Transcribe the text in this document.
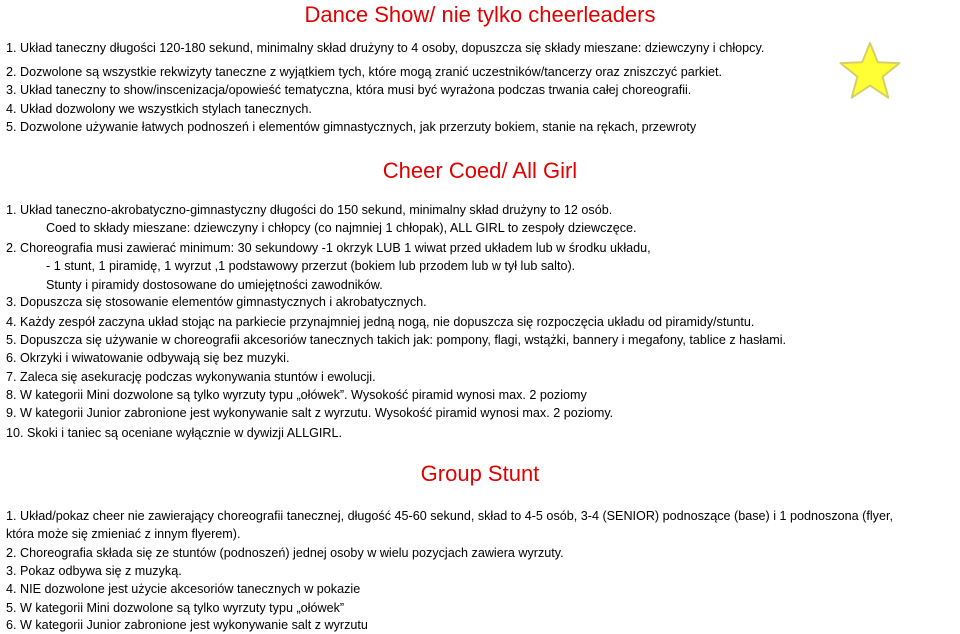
Dance Show/ nie tylko cheerleaders
1. Układ taneczny długości 120-180 sekund, minimalny skład drużyny to 4 osoby, dopuszcza się składy mieszane: dziewczyny i chłopcy.
2. Dozwolone są wszystkie rekwizyty taneczne z wyjątkiem tych, które mogą zranić uczestników/tancerzy oraz zniszczyć parkiet.
3. Układ taneczny to show/inscenizacja/opowieść tematyczna, która musi być wyrażona podczas trwania całej choreografii.
4. Układ dozwolony we wszystkich stylach tanecznych.
5. Dozwolone używanie łatwych podnoszeń i elementów gimnastycznych, jak przerzuty bokiem, stanie na rękach, przewroty
Cheer Coed/ All Girl
1. Układ taneczno-akrobatyczno-gimnastyczny długości do 150 sekund, minimalny skład drużyny to 12 osób.
Coed to składy mieszane: dziewczyny i chłopcy (co najmniej 1 chłopak), ALL GIRL to zespoły dziewczęce.
2. Choreografia musi zawierać minimum: 30 sekundowy -1 okrzyk LUB 1 wiwat przed układem lub w środku układu,
- 1 stunt, 1 piramidę, 1 wyrzut ,1 podstawowy przerzut (bokiem lub przodem lub w tył lub salto).
Stunty i piramidy dostosowane do umiejętności zawodników.
3. Dopuszcza się stosowanie elementów gimnastycznych i akrobatycznych.
4. Każdy zespół zaczyna układ stojąc na parkiecie przynajmniej jedną nogą, nie dopuszcza się rozpoczęcia układu od piramidy/stuntu.
5. Dopuszcza się używanie w choreografii akcesoriów tanecznych takich jak: pompony, flagi, wstążki, bannery i megafony, tablice z hasłami.
6. Okrzyki i wiwatowanie odbywają się bez muzyki.
7. Zaleca się asekurację podczas wykonywania stuntów i ewolucji.
8. W kategorii Mini dozwolone są tylko wyrzuty typu „ołówek”. Wysokość piramid wynosi max. 2 poziomy
9. W kategorii Junior zabronione jest wykonywanie salt z wyrzutu. Wysokość piramid wynosi max. 2 poziomy.
10. Skoki i taniec są oceniane wyłącznie w dywizji ALLGIRL.
Group Stunt
1. Układ/pokaz cheer nie zawierający choreografii tanecznej, długość 45-60 sekund, skład to 4-5 osób, 3-4 (SENIOR) podnoszące (base) i 1 podnoszona (flyer,
która może się zmieniać z innym flyerem).
2. Choreografia składa się ze stuntów (podnoszeń) jednej osoby w wielu pozycjach zawiera wyrzuty.
3. Pokaz odbywa się z muzyką.
4. NIE dozwolone jest użycie akcesoriów tanecznych w pokazie
5. W kategorii Mini dozwolone są tylko wyrzuty typu „ołówek”
6. W kategorii Junior zabronione jest wykonywanie salt z wyrzutu
